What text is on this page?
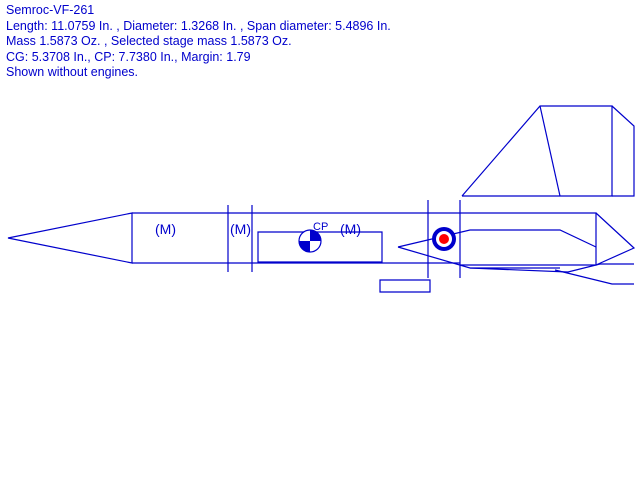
Semroc-VF-261
Length: 11.0759 In. , Diameter: 1.3268 In. , Span diameter: 5.4896 In.
Mass 1.5873 Oz. , Selected stage mass 1.5873 Oz.
CG: 5.3708 In., CP: 7.7380 In., Margin: 1.79
Shown without engines.
(M)	(M)	(M)
CP
